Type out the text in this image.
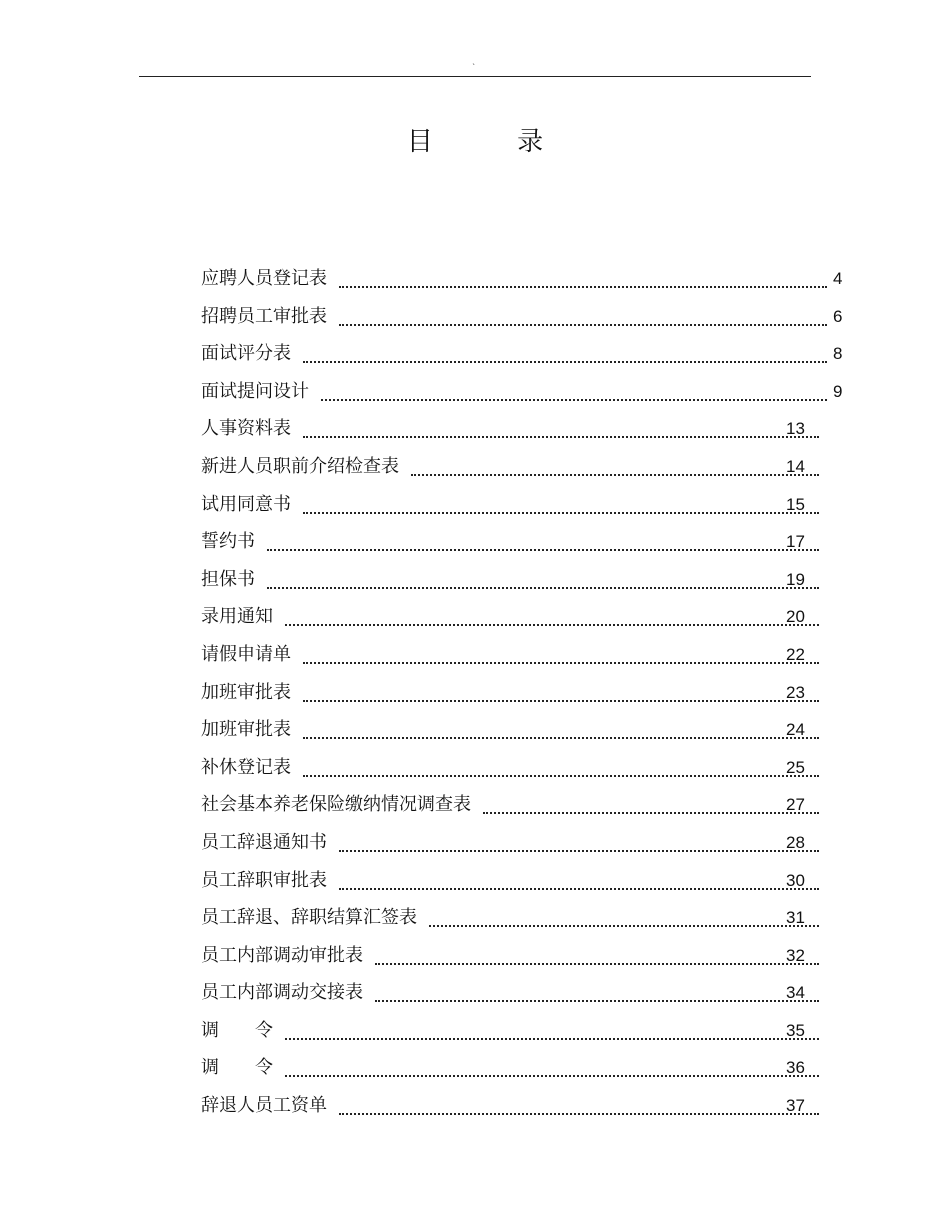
`
目 录
应聘人员登记表	4
招聘员工审批表	6
面试评分表	8
面试提问设计	9
人事资料表	13
新进人员职前介绍检查表	14
试用同意书	15
誓约书	17
担保书	19
录用通知	20
请假申请单	22
加班审批表	23
加班审批表	24
补休登记表	25
社会基本养老保险缴纳情况调查表	27
员工辞退通知书	28
员工辞职审批表	30
员工辞退、辞职结算汇签表	31
员工内部调动审批表	32
员工内部调动交接表	34
调　　令	35
调　　令	36
辞退人员工资单	37
